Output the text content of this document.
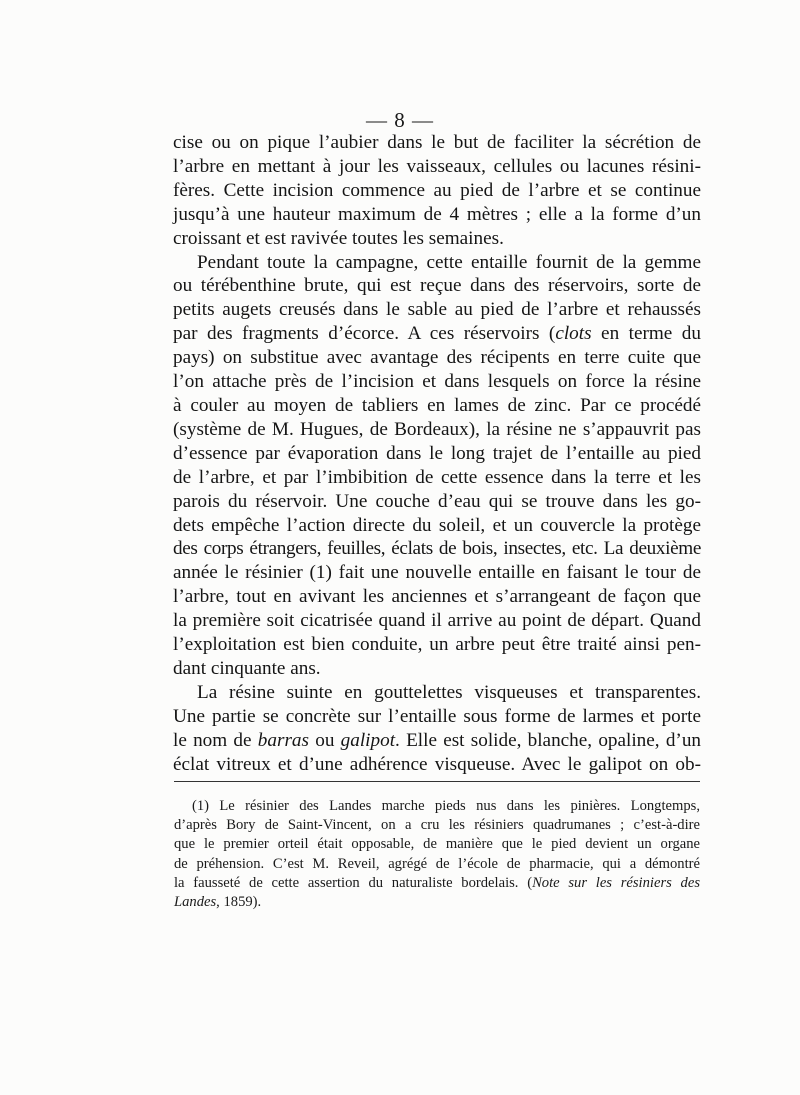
— 8 —

cise ou on pique l’aubier dans le but de faciliter la sécrétion de

l’arbre en mettant à jour les vaisseaux, cellules ou lacunes résini-

fères. Cette incision commence au pied de l’arbre et se continue

jusqu’à une hauteur maximum de 4 mètres ; elle a la forme d’un

croissant et est ravivée toutes les semaines.

Pendant toute la campagne, cette entaille fournit de la gemme

ou térébenthine brute, qui est reçue dans des réservoirs, sorte de

petits augets creusés dans le sable au pied de l’arbre et rehaussés

par des fragments d’écorce. A ces réservoirs (clots en terme du

pays) on substitue avec avantage des récipents en terre cuite que

l’on attache près de l’incision et dans lesquels on force la résine

à couler au moyen de tabliers en lames de zinc. Par ce procédé

(système de M. Hugues, de Bordeaux), la résine ne s’appauvrit pas

d’essence par évaporation dans le long trajet de l’entaille au pied

de l’arbre, et par l’imbibition de cette essence dans la terre et les

parois du réservoir. Une couche d’eau qui se trouve dans les go-

dets empêche l’action directe du soleil, et un couvercle la protège

des corps étrangers, feuilles, éclats de bois, insectes, etc. La deuxième

année le résinier (1) fait une nouvelle entaille en faisant le tour de

l’arbre, tout en avivant les anciennes et s’arrangeant de façon que

la première soit cicatrisée quand il arrive au point de départ. Quand

l’exploitation est bien conduite, un arbre peut être traité ainsi pen-

dant cinquante ans.

La résine suinte en gouttelettes visqueuses et transparentes.

Une partie se concrète sur l’entaille sous forme de larmes et porte

le nom de barras ou galipot. Elle est solide, blanche, opaline, d’un

éclat vitreux et d’une adhérence visqueuse. Avec le galipot on ob-

(1) Le résinier des Landes marche pieds nus dans les pinières. Longtemps,

d’après Bory de Saint-Vincent, on a cru les résiniers quadrumanes ; c’est-à-dire

que le premier orteil était opposable, de manière que le pied devient un organe

de préhension. C’est M. Reveil, agrégé de l’école de pharmacie, qui a démontré

la fausseté de cette assertion du naturaliste bordelais. (Note sur les résiniers des

Landes, 1859).
